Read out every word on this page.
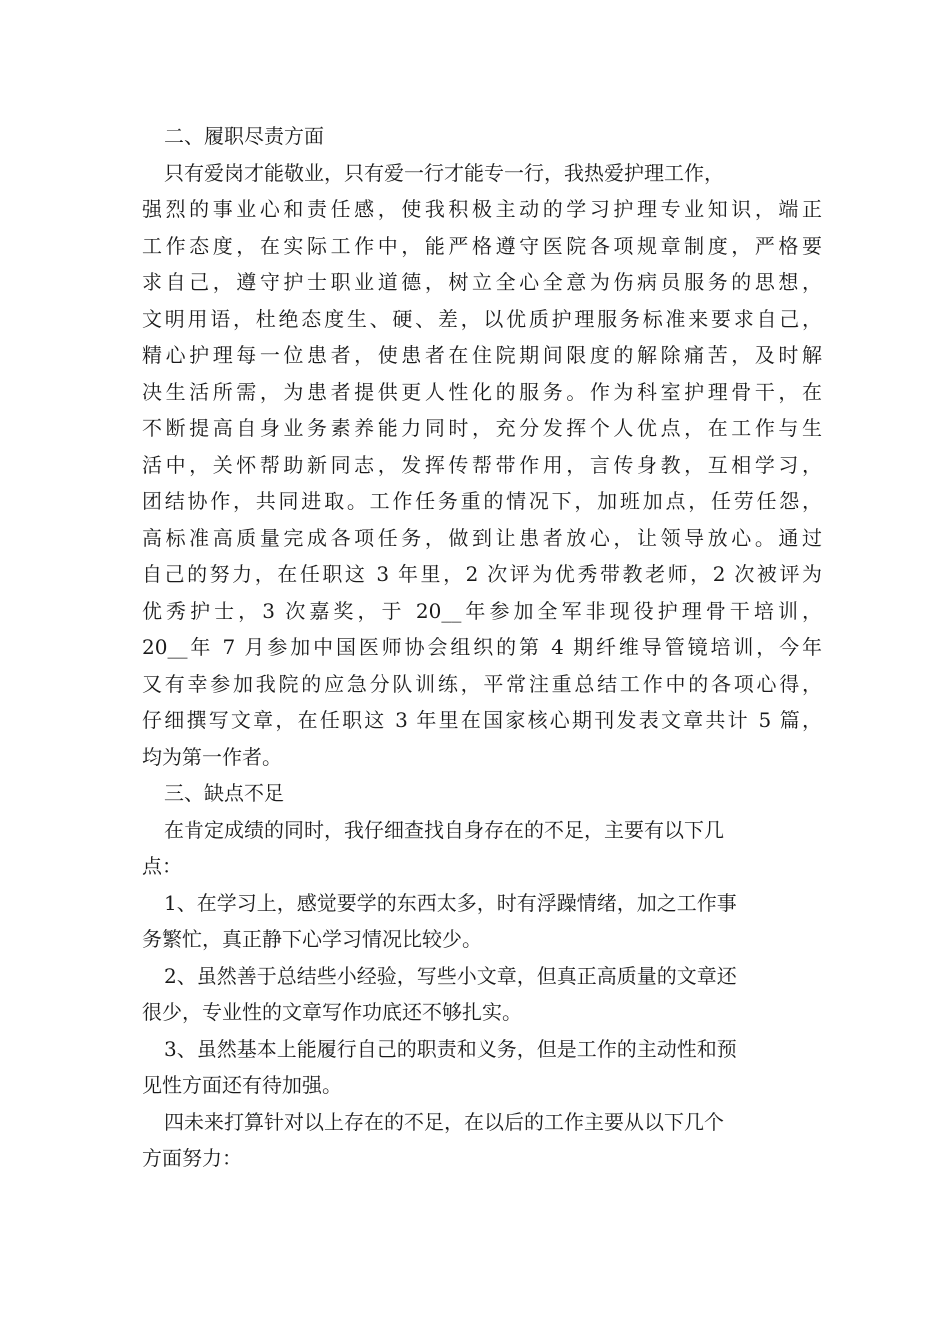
二、履职尽责方面
只有爱岗才能敬业，只有爱一行才能专一行，我热爱护理工作，
强烈的事业心和责任感，使我积极主动的学习护理专业知识，端正
工作态度，在实际工作中，能严格遵守医院各项规章制度，严格要
求自己，遵守护士职业道德，树立全心全意为伤病员服务的思想，
文明用语，杜绝态度生、硬、差，以优质护理服务标准来要求自己，
精心护理每一位患者，使患者在住院期间限度的解除痛苦，及时解
决生活所需，为患者提供更人性化的服务。作为科室护理骨干，在
不断提高自身业务素养能力同时，充分发挥个人优点，在工作与生
活中，关怀帮助新同志，发挥传帮带作用，言传身教，互相学习，
团结协作，共同进取。工作任务重的情况下，加班加点，任劳任怨，
高标准高质量完成各项任务，做到让患者放心，让领导放心。通过
自己的努力，在任职这 3 年里，2 次评为优秀带教老师，2 次被评为
优秀护士，3 次嘉奖，于 20__年参加全军非现役护理骨干培训，
20__年 7 月参加中国医师协会组织的第 4 期纤维导管镜培训，今年
又有幸参加我院的应急分队训练，平常注重总结工作中的各项心得，
仔细撰写文章，在任职这 3 年里在国家核心期刊发表文章共计 5 篇，
均为第一作者。
三、缺点不足
在肯定成绩的同时，我仔细查找自身存在的不足，主要有以下几
点：
1、在学习上，感觉要学的东西太多，时有浮躁情绪，加之工作事
务繁忙，真正静下心学习情况比较少。
2、虽然善于总结些小经验，写些小文章，但真正高质量的文章还
很少，专业性的文章写作功底还不够扎实。
3、虽然基本上能履行自己的职责和义务，但是工作的主动性和预
见性方面还有待加强。
四未来打算针对以上存在的不足，在以后的工作主要从以下几个
方面努力：
